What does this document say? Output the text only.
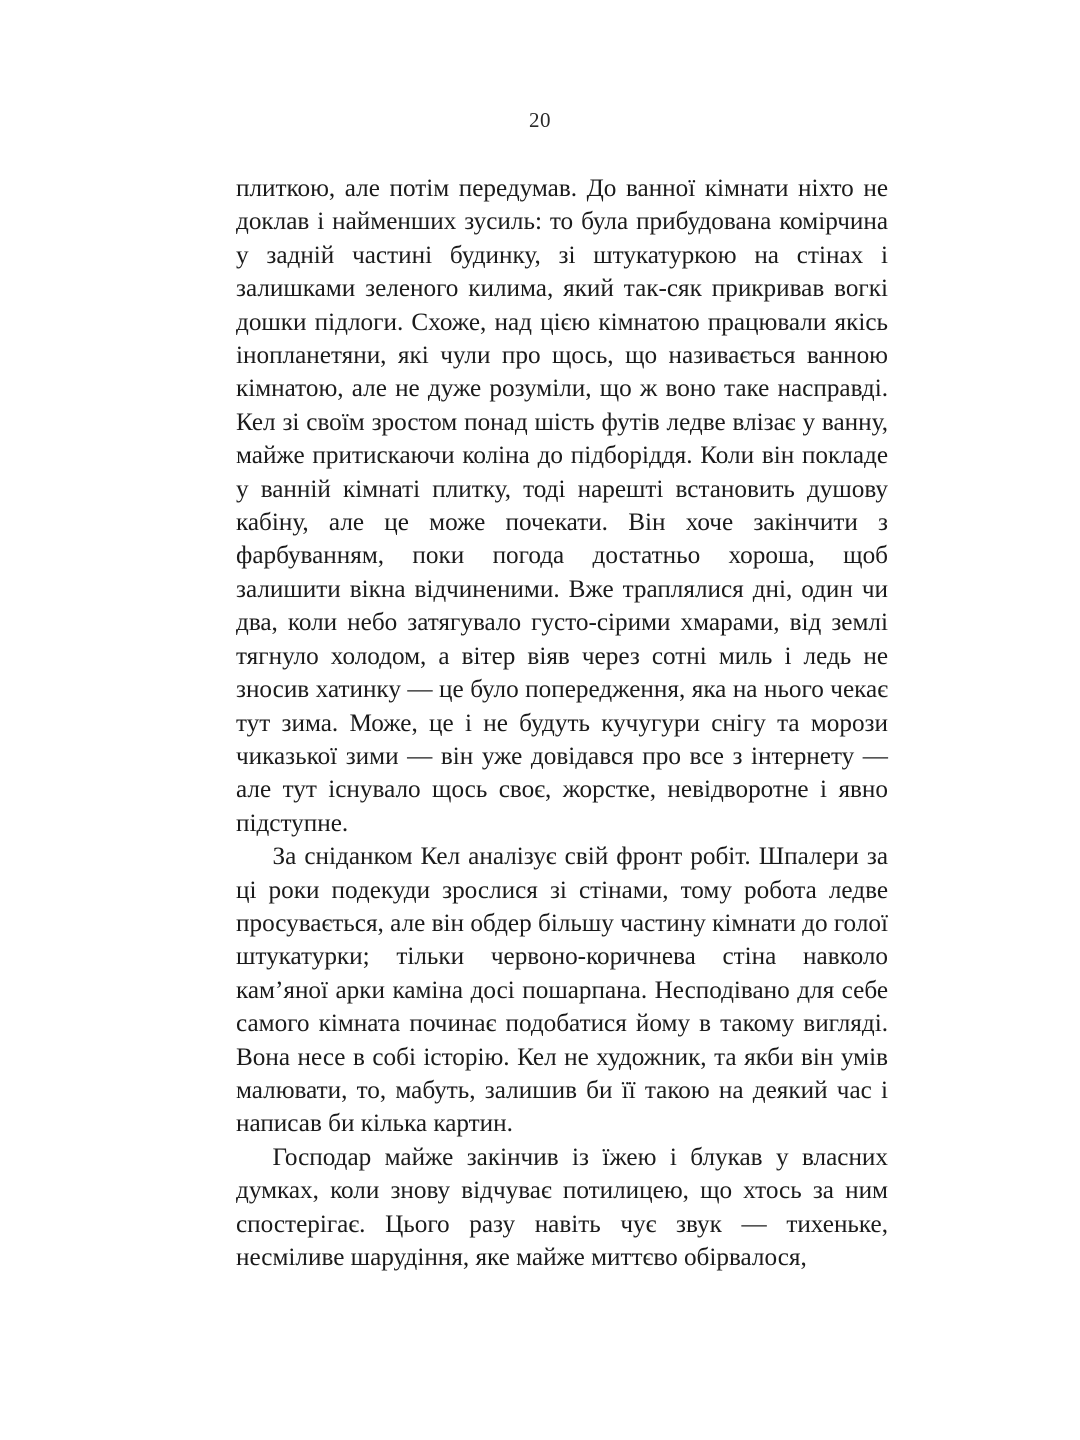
20

плиткою, але потім передумав. До ванної кімнати ніхто не доклав і найменших зусиль: то була прибудована комірчина у задній частині будинку, зі штукатуркою на стінах і залишками зеленого килима, який так-сяк прикривав вогкі дошки підлоги. Схоже, над цією кімнатою працювали якісь інопланетяни, які чули про щось, що називається ванною кімнатою, але не дуже розуміли, що ж воно таке насправді. Кел зі своїм зростом понад шість футів ледве влізає у ванну, майже притискаючи коліна до підборіддя. Коли він покладе у ванній кімнаті плитку, тоді нарешті встановить душову кабіну, але це може почекати. Він хоче закінчити з фарбуванням, поки погода достатньо хороша, щоб залишити вікна відчиненими. Вже траплялися дні, один чи два, коли небо затягувало густо-сірими хмарами, від землі тягнуло холодом, а вітер віяв через сотні миль і ледь не зносив хатинку — це було попередження, яка на нього чекає тут зима. Може, це і не будуть кучугури снігу та морози чиказької зими — він уже довідався про все з інтернету — але тут існувало щось своє, жорстке, невідворотне і явно підступне.

За сніданком Кел аналізує свій фронт робіт. Шпалери за ці роки подекуди зрослися зі стінами, тому робота ледве просувається, але він обдер більшу частину кімнати до голої штукатурки; тільки червоно-коричнева стіна навколо кам’яної арки каміна досі пошарпана. Несподівано для себе самого кімната починає подобатися йому в такому вигляді. Вона несе в собі історію. Кел не художник, та якби він умів малювати, то, мабуть, залишив би її такою на деякий час і написав би кілька картин.

Господар майже закінчив із їжею і блукав у власних думках, коли знову відчуває потилицею, що хтось за ним спостерігає. Цього разу навіть чує звук — тихеньке, несміливе шарудіння, яке майже миттєво обірвалося,
